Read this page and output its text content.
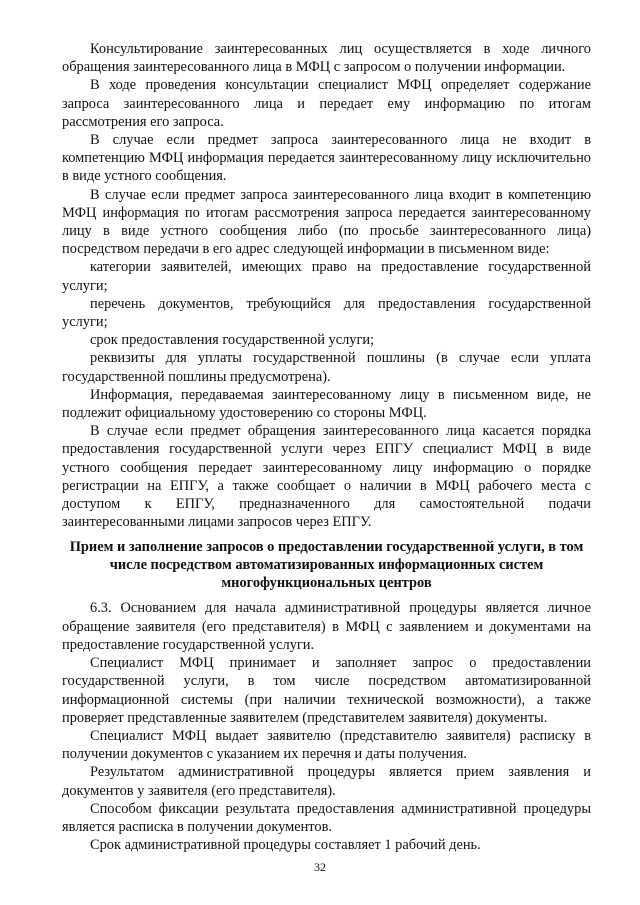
Консультирование заинтересованных лиц осуществляется в ходе личного обращения заинтересованного лица в МФЦ с запросом о получении информации.

В ходе проведения консультации специалист МФЦ определяет содержание запроса заинтересованного лица и передает ему информацию по итогам рассмотрения его запроса.

В случае если предмет запроса заинтересованного лица не входит в компетенцию МФЦ информация передается заинтересованному лицу исключительно в виде устного сообщения.

В случае если предмет запроса заинтересованного лица входит в компетенцию МФЦ информация по итогам рассмотрения запроса передается заинтересованному лицу в виде устного сообщения либо (по просьбе заинтересованного лица) посредством передачи в его адрес следующей информации в письменном виде:

категории заявителей, имеющих право на предоставление государственной услуги;

перечень документов, требующийся для предоставления государственной услуги;

срок предоставления государственной услуги;

реквизиты для уплаты государственной пошлины (в случае если уплата государственной пошлины предусмотрена).

Информация, передаваемая заинтересованному лицу в письменном виде, не подлежит официальному удостоверению со стороны МФЦ.

В случае если предмет обращения заинтересованного лица касается порядка предоставления государственной услуги через ЕПГУ специалист МФЦ в виде устного сообщения передает заинтересованному лицу информацию о порядке регистрации на ЕПГУ, а также сообщает о наличии в МФЦ рабочего места с доступом к ЕПГУ, предназначенного для самостоятельной подачи заинтересованными лицами запросов через ЕПГУ.

Прием и заполнение запросов о предоставлении государственной услуги, в том числе посредством автоматизированных информационных систем многофункциональных центров

6.3. Основанием для начала административной процедуры является личное обращение заявителя (его представителя) в МФЦ с заявлением и документами на предоставление государственной услуги.

Специалист МФЦ принимает и заполняет запрос о предоставлении государственной услуги, в том числе посредством автоматизированной информационной системы (при наличии технической возможности), а также проверяет представленные заявителем (представителем заявителя) документы.

Специалист МФЦ выдает заявителю (представителю заявителя) расписку в получении документов с указанием их перечня и даты получения.

Результатом административной процедуры является прием заявления и документов у заявителя (его представителя).

Способом фиксации результата предоставления административной процедуры является расписка в получении документов.

Срок административной процедуры составляет 1 рабочий день.

32
